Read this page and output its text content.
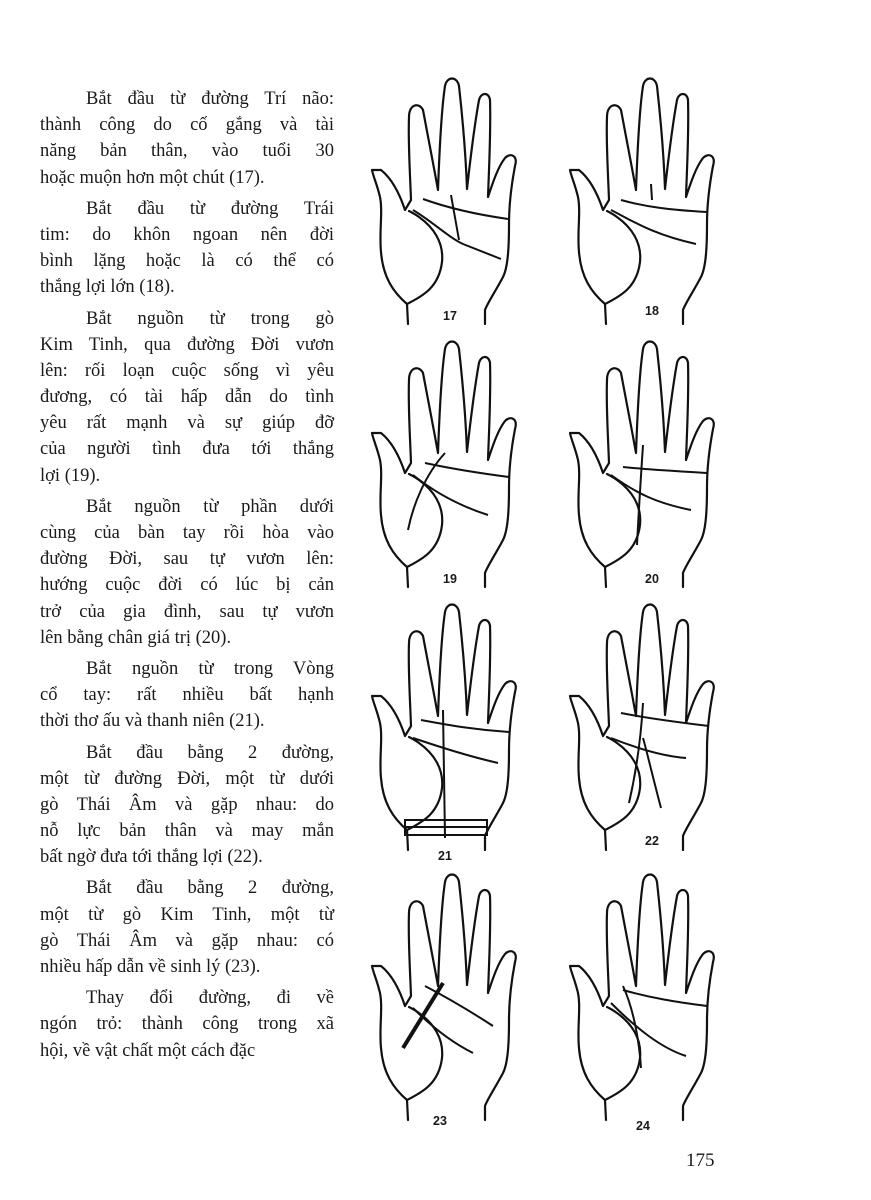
Bắt đầu từ đường Trí não:
thành công do cố gắng và tài
năng bản thân, vào tuổi 30
hoặc muộn hơn một chút (17).
Bắt đầu từ đường Trái
tim: do khôn ngoan nên đời
bình lặng hoặc là có thể có
thắng lợi lớn (18).
Bắt nguồn từ trong gò
Kim Tinh, qua đường Đời vươn
lên: rối loạn cuộc sống vì yêu
đương, có tài hấp dẫn do tình
yêu rất mạnh và sự giúp đỡ
của người tình đưa tới thắng
lợi (19).
Bắt nguồn từ phần dưới
cùng của bàn tay rồi hòa vào
đường Đời, sau tự vươn lên:
hướng cuộc đời có lúc bị cản
trở của gia đình, sau tự vươn
lên bằng chân giá trị (20).
Bắt nguồn từ trong Vòng
cổ tay: rất nhiều bất hạnh
thời thơ ấu và thanh niên (21).
Bắt đầu bằng 2 đường,
một từ đường Đời, một từ dưới
gò Thái Âm và gặp nhau: do
nỗ lực bản thân và may mắn
bất ngờ đưa tới thắng lợi (22).
Bắt đầu bằng 2 đường,
một từ gò Kim Tinh, một từ
gò Thái Âm và gặp nhau: có
nhiều hấp dẫn về sinh lý (23).
Thay đổi đường, đi về
ngón trỏ: thành công trong xã
hội, về vật chất một cách đặc
17	18
19	20
21
22
23	24
175
